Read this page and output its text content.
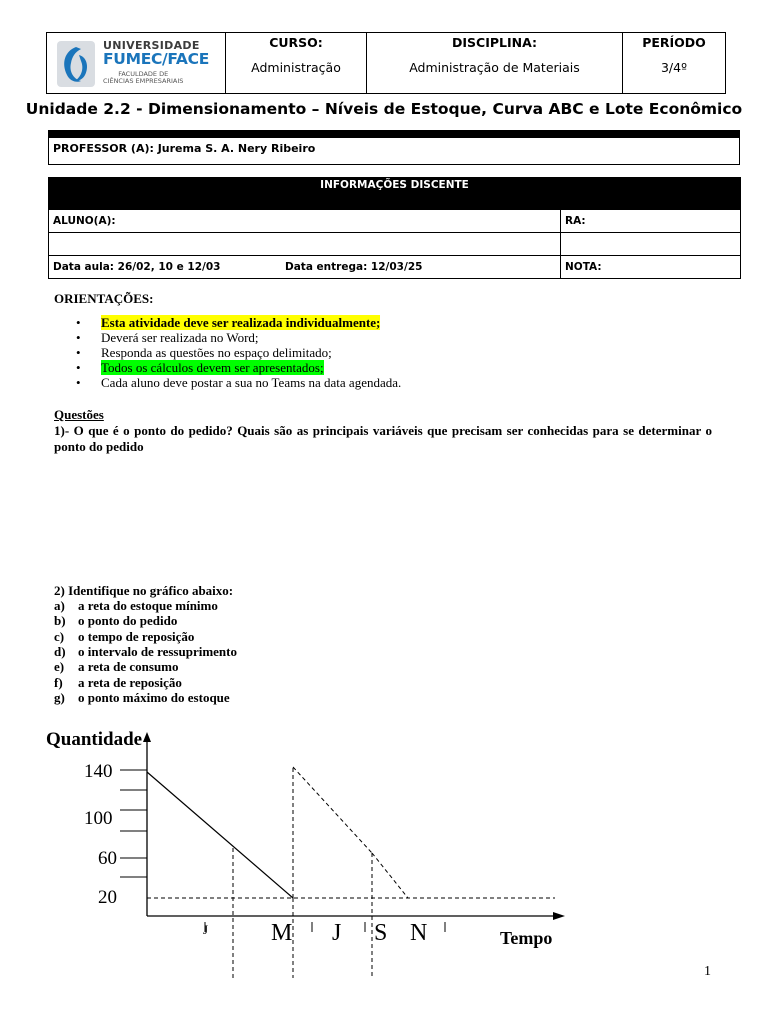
UNIVERSIDADE
FUMEC/FACE
FACULDADE DE
CIÊNCIAS EMPRESARIAIS

CURSO:
Administração

DISCIPLINA:
Administração de Materiais

PERÍODO
3/4º
Unidade 2.2 - Dimensionamento – Níveis de Estoque, Curva ABC e Lote Econômico
PROFESSOR (A): Jurema S. A. Nery Ribeiro
INFORMAÇÕES DISCENTE	
ALUNO(A):	RA:

Data aula: 26/02, 10 e 12/03 Data entrega: 12/03/25	NOTA:
ORIENTAÇÕES:
• Esta atividade deve ser realizada individualmente;
• Deverá ser realizada no Word;
• Responda as questões no espaço delimitado;
• Todos os cálculos devem ser apresentados;
• Cada aluno deve postar a sua no Teams na data agendada.
Questões
1)- O que é o ponto do pedido? Quais são as principais variáveis que precisam ser conhecidas para se determinar o ponto do pedido
2) Identifique no gráfico abaixo:
a) a reta do estoque mínimo
b) o ponto do pedido
c) o tempo de reposição
d) o intervalo de ressuprimento
e) a reta de consumo
f) a reta de reposição
g) o ponto máximo do estoque
Quantidade
Tempo
140
100
60
20
J	M J S N
1
